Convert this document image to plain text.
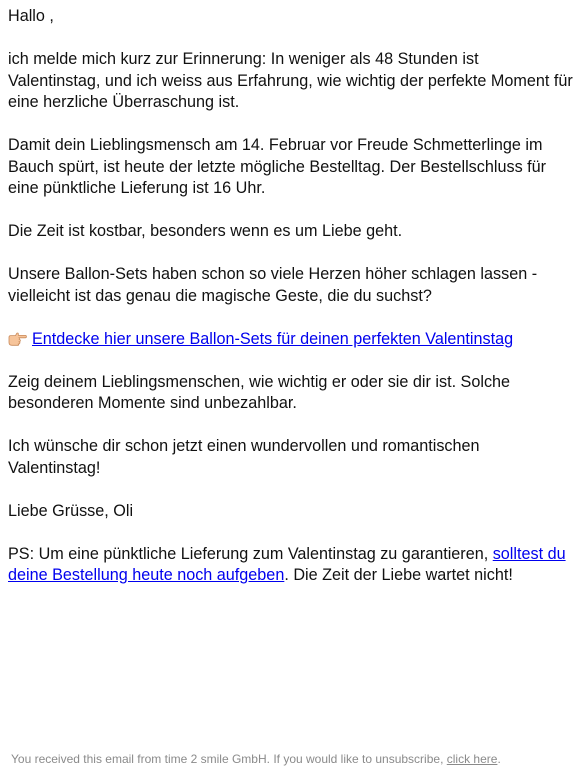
Hallo ,

ich melde mich kurz zur Erinnerung: In weniger als 48 Stunden ist Valentinstag, und ich weiss aus Erfahrung, wie wichtig der perfekte Moment für eine herzliche Überraschung ist.

Damit dein Lieblingsmensch am 14. Februar vor Freude Schmetterlinge im Bauch spürt, ist heute der letzte mögliche Bestelltag. Der Bestellschluss für eine pünktliche Lieferung ist 16 Uhr.

Die Zeit ist kostbar, besonders wenn es um Liebe geht.

Unsere Ballon-Sets haben schon so viele Herzen höher schlagen lassen - vielleicht ist das genau die magische Geste, die du suchst?

Entdecke hier unsere Ballon-Sets für deinen perfekten Valentinstag

Zeig deinem Lieblingsmenschen, wie wichtig er oder sie dir ist. Solche besonderen Momente sind unbezahlbar.

Ich wünsche dir schon jetzt einen wundervollen und romantischen Valentinstag!

Liebe Grüsse, Oli

PS: Um eine pünktliche Lieferung zum Valentinstag zu garantieren, solltest du deine Bestellung heute noch aufgeben. Die Zeit der Liebe wartet nicht!

You received this email from time 2 smile GmbH. If you would like to unsubscribe, click here.
